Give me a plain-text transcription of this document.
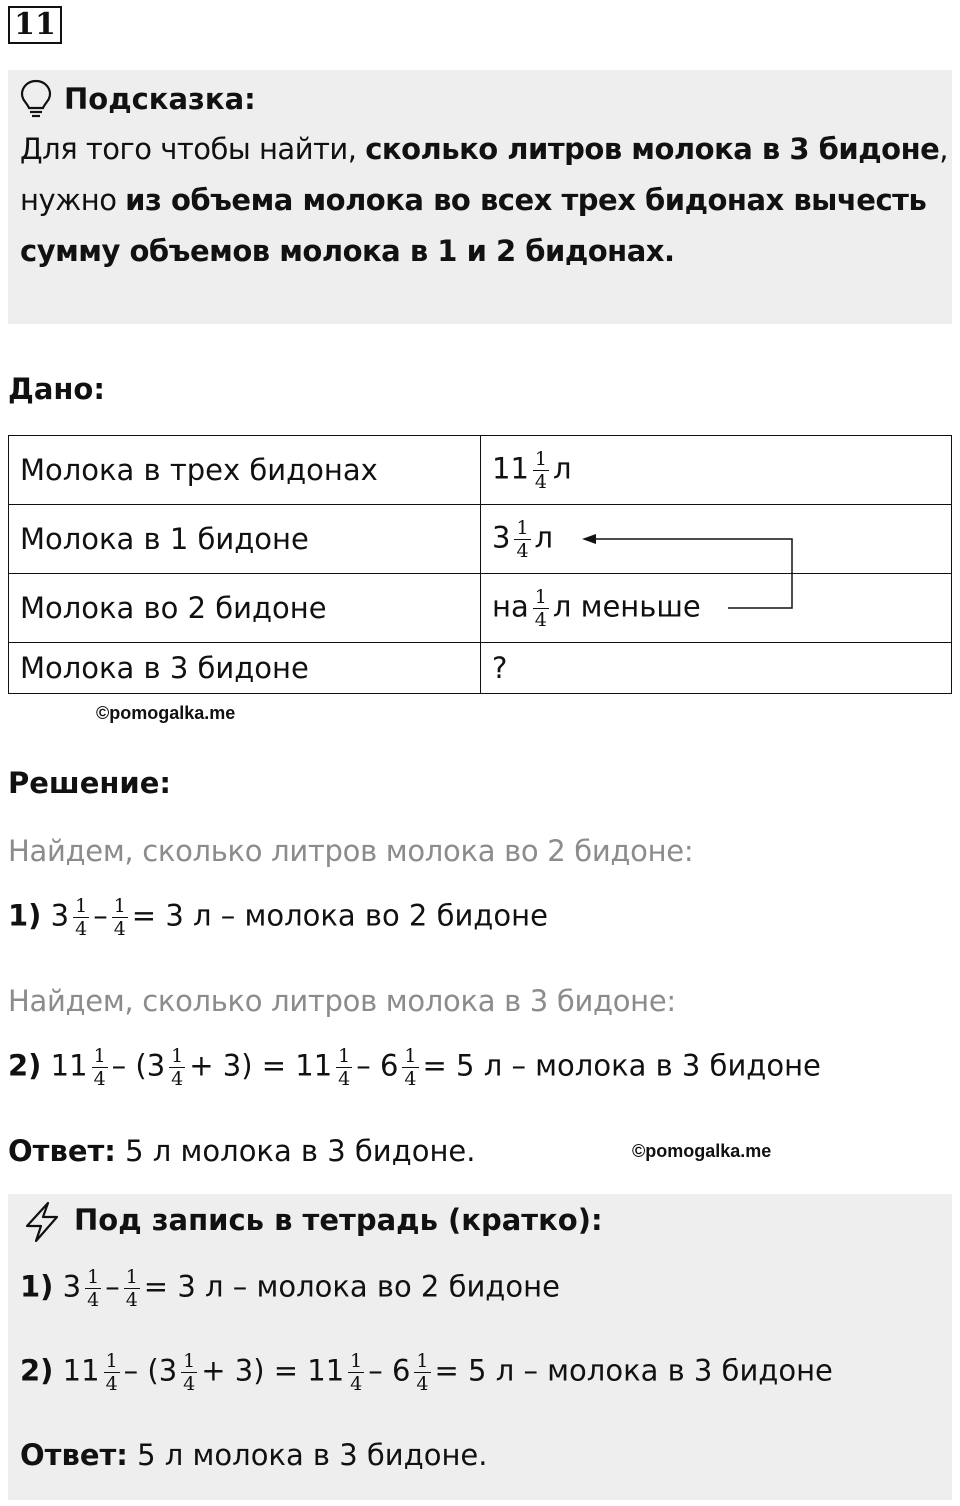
11
Подсказка:
Для того чтобы найти, сколько литров молока в 3 бидоне,
нужно из объема молока во всех трех бидонах вычесть
сумму объемов молока в 1 и 2 бидонах.
Дано:
Молока в трех бидонах	$11 \frac{1}{4}$ л
Молока в 1 бидоне	$3 \frac{1}{4}$ л
Молока во 2 бидоне	на $\frac{1}{4}$ л меньше
Молока в 3 бидоне	?
©pomogalka.me
Решение:
Найдем, сколько литров молока во 2 бидоне:
1) $3 \frac{1}{4} - \frac{1}{4} = 3$ л – молока во 2 бидоне
Найдем, сколько литров молока в 3 бидоне:
2) $11 \frac{1}{4} - (3 \frac{1}{4} + 3) = 11 \frac{1}{4} - 6 \frac{1}{4} = 5$ л – молока в 3 бидоне
Ответ: 5 л молока в 3 бидоне.	©pomogalka.me
Под запись в тетрадь (кратко):
1) $3 \frac{1}{4} - \frac{1}{4} = 3$ л – молока во 2 бидоне
2) $11 \frac{1}{4} - (3 \frac{1}{4} + 3) = 11 \frac{1}{4} - 6 \frac{1}{4} = 5$ л – молока в 3 бидоне
Ответ: 5 л молока в 3 бидоне.
